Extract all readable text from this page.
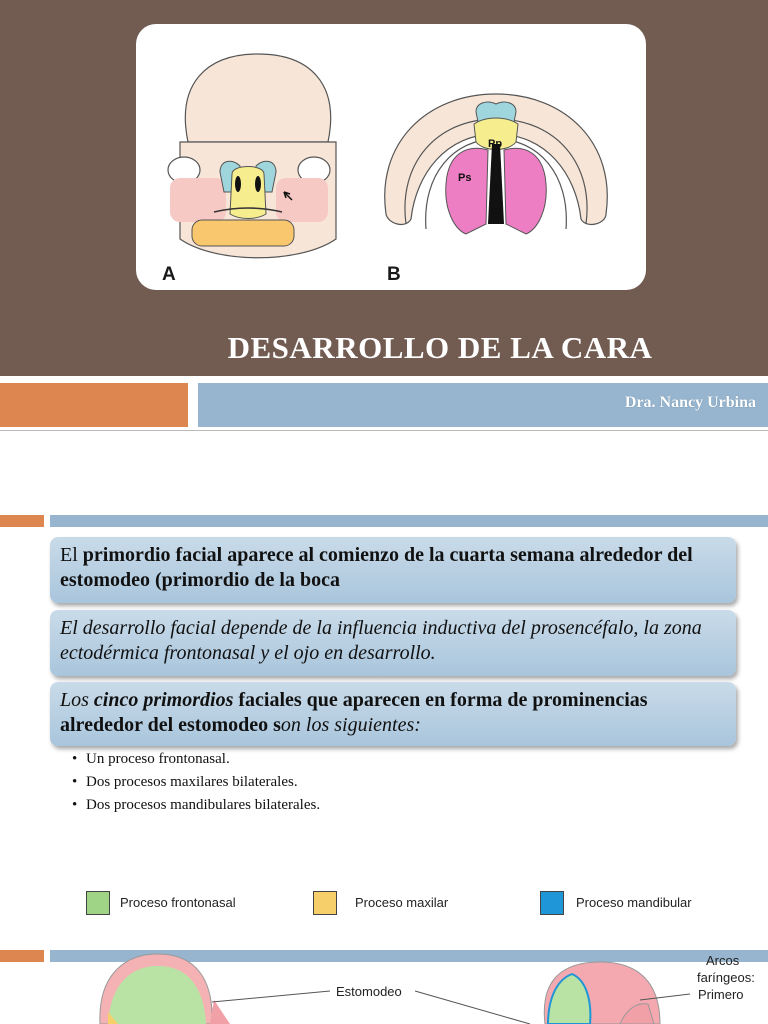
A	B
Pp
Ps
DESARROLLO DE LA CARA
Dra. Nancy Urbina
El primordio facial aparece al comienzo de la cuarta semana alrededor del estomodeo (primordio de la boca
El desarrollo facial depende de la influencia inductiva del prosencéfalo, la zona ectodérmica frontonasal y el ojo en desarrollo.
Los cinco primordios faciales que aparecen en forma de prominencias alrededor del estomodeo son los siguientes:
• Un proceso frontonasal.
• Dos procesos maxilares bilaterales.
• Dos procesos mandibulares bilaterales.
Proceso frontonasal	Proceso maxilar	Proceso mandibular
Estomodeo
Arcos
faríngeos:
Primero
